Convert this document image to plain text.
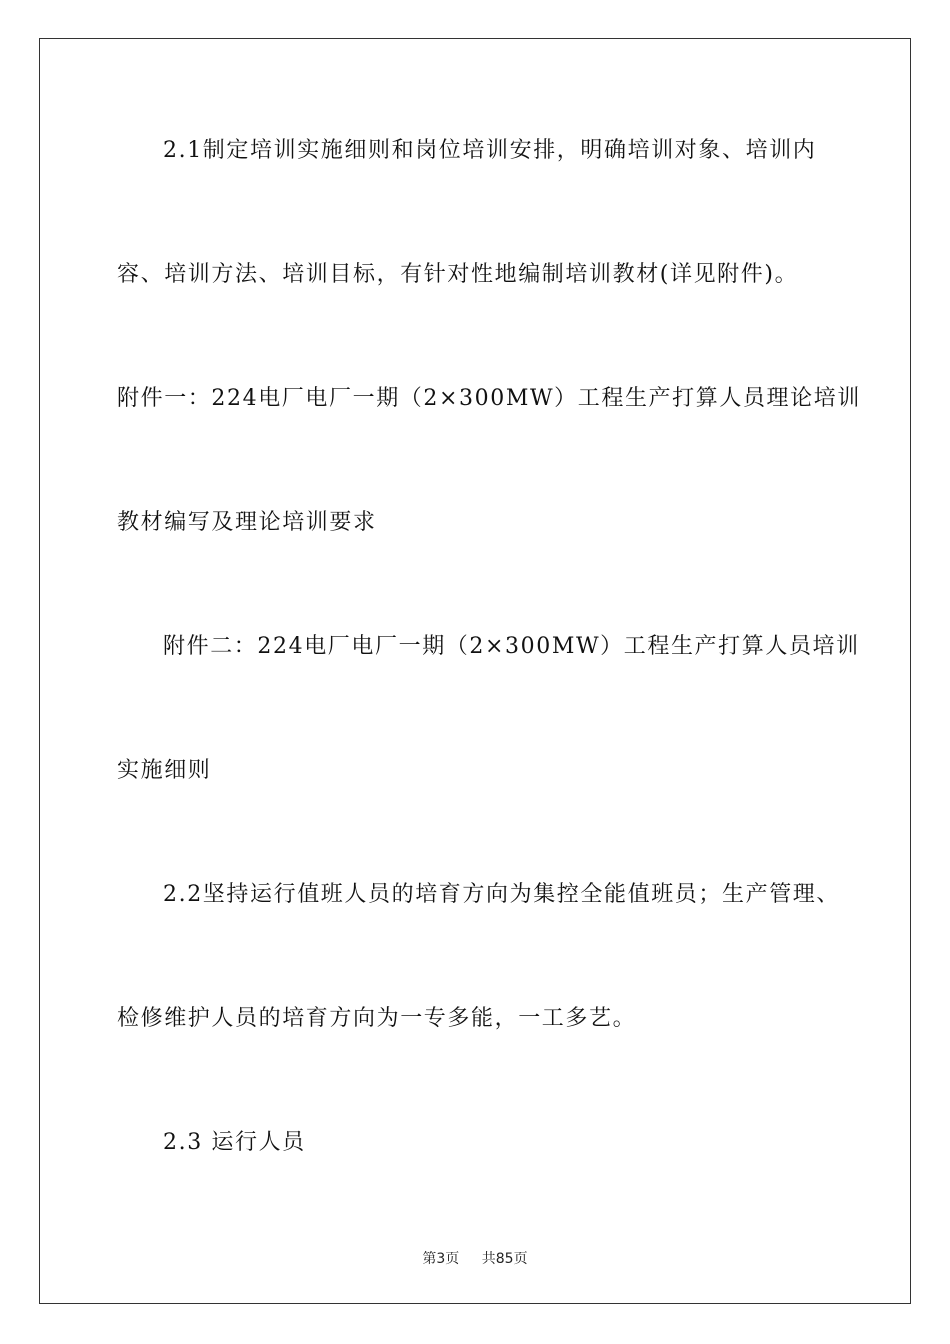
2.1制定培训实施细则和岗位培训安排，明确培训对象、培训内
容、培训方法、培训目标，有针对性地编制培训教材(详见附件)。
附件一：224电厂电厂一期（2×300MW）工程生产打算人员理论培训
教材编写及理论培训要求
附件二：224电厂电厂一期（2×300MW）工程生产打算人员培训
实施细则
2.2坚持运行值班人员的培育方向为集控全能值班员；生产管理、
检修维护人员的培育方向为一专多能，一工多艺。
2.3 运行人员
第3页 共85页
